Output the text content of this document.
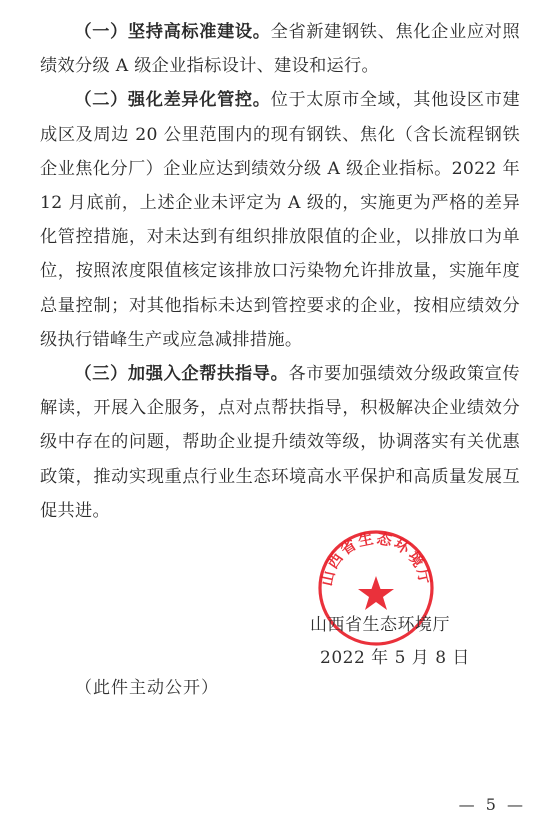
（一）坚持高标准建设。全省新建钢铁、焦化企业应对照绩效分级 A 级企业指标设计、建设和运行。

（二）强化差异化管控。位于太原市全域，其他设区市建成区及周边 20 公里范围内的现有钢铁、焦化（含长流程钢铁企业焦化分厂）企业应达到绩效分级 A 级企业指标。2022 年 12 月底前，上述企业未评定为 A 级的，实施更为严格的差异化管控措施，对未达到有组织排放限值的企业，以排放口为单位，按照浓度限值核定该排放口污染物允许排放量，实施年度总量控制；对其他指标未达到管控要求的企业，按相应绩效分级执行错峰生产或应急减排措施。

（三）加强入企帮扶指导。各市要加强绩效分级政策宣传解读，开展入企服务，点对点帮扶指导，积极解决企业绩效分级中存在的问题，帮助企业提升绩效等级，协调落实有关优惠政策，推动实现重点行业生态环境高水平保护和高质量发展互促共进。

山西省生态环境厅
山西省生态环境厅
2022 年 5 月 8 日
（此件主动公开）
— 5 —
